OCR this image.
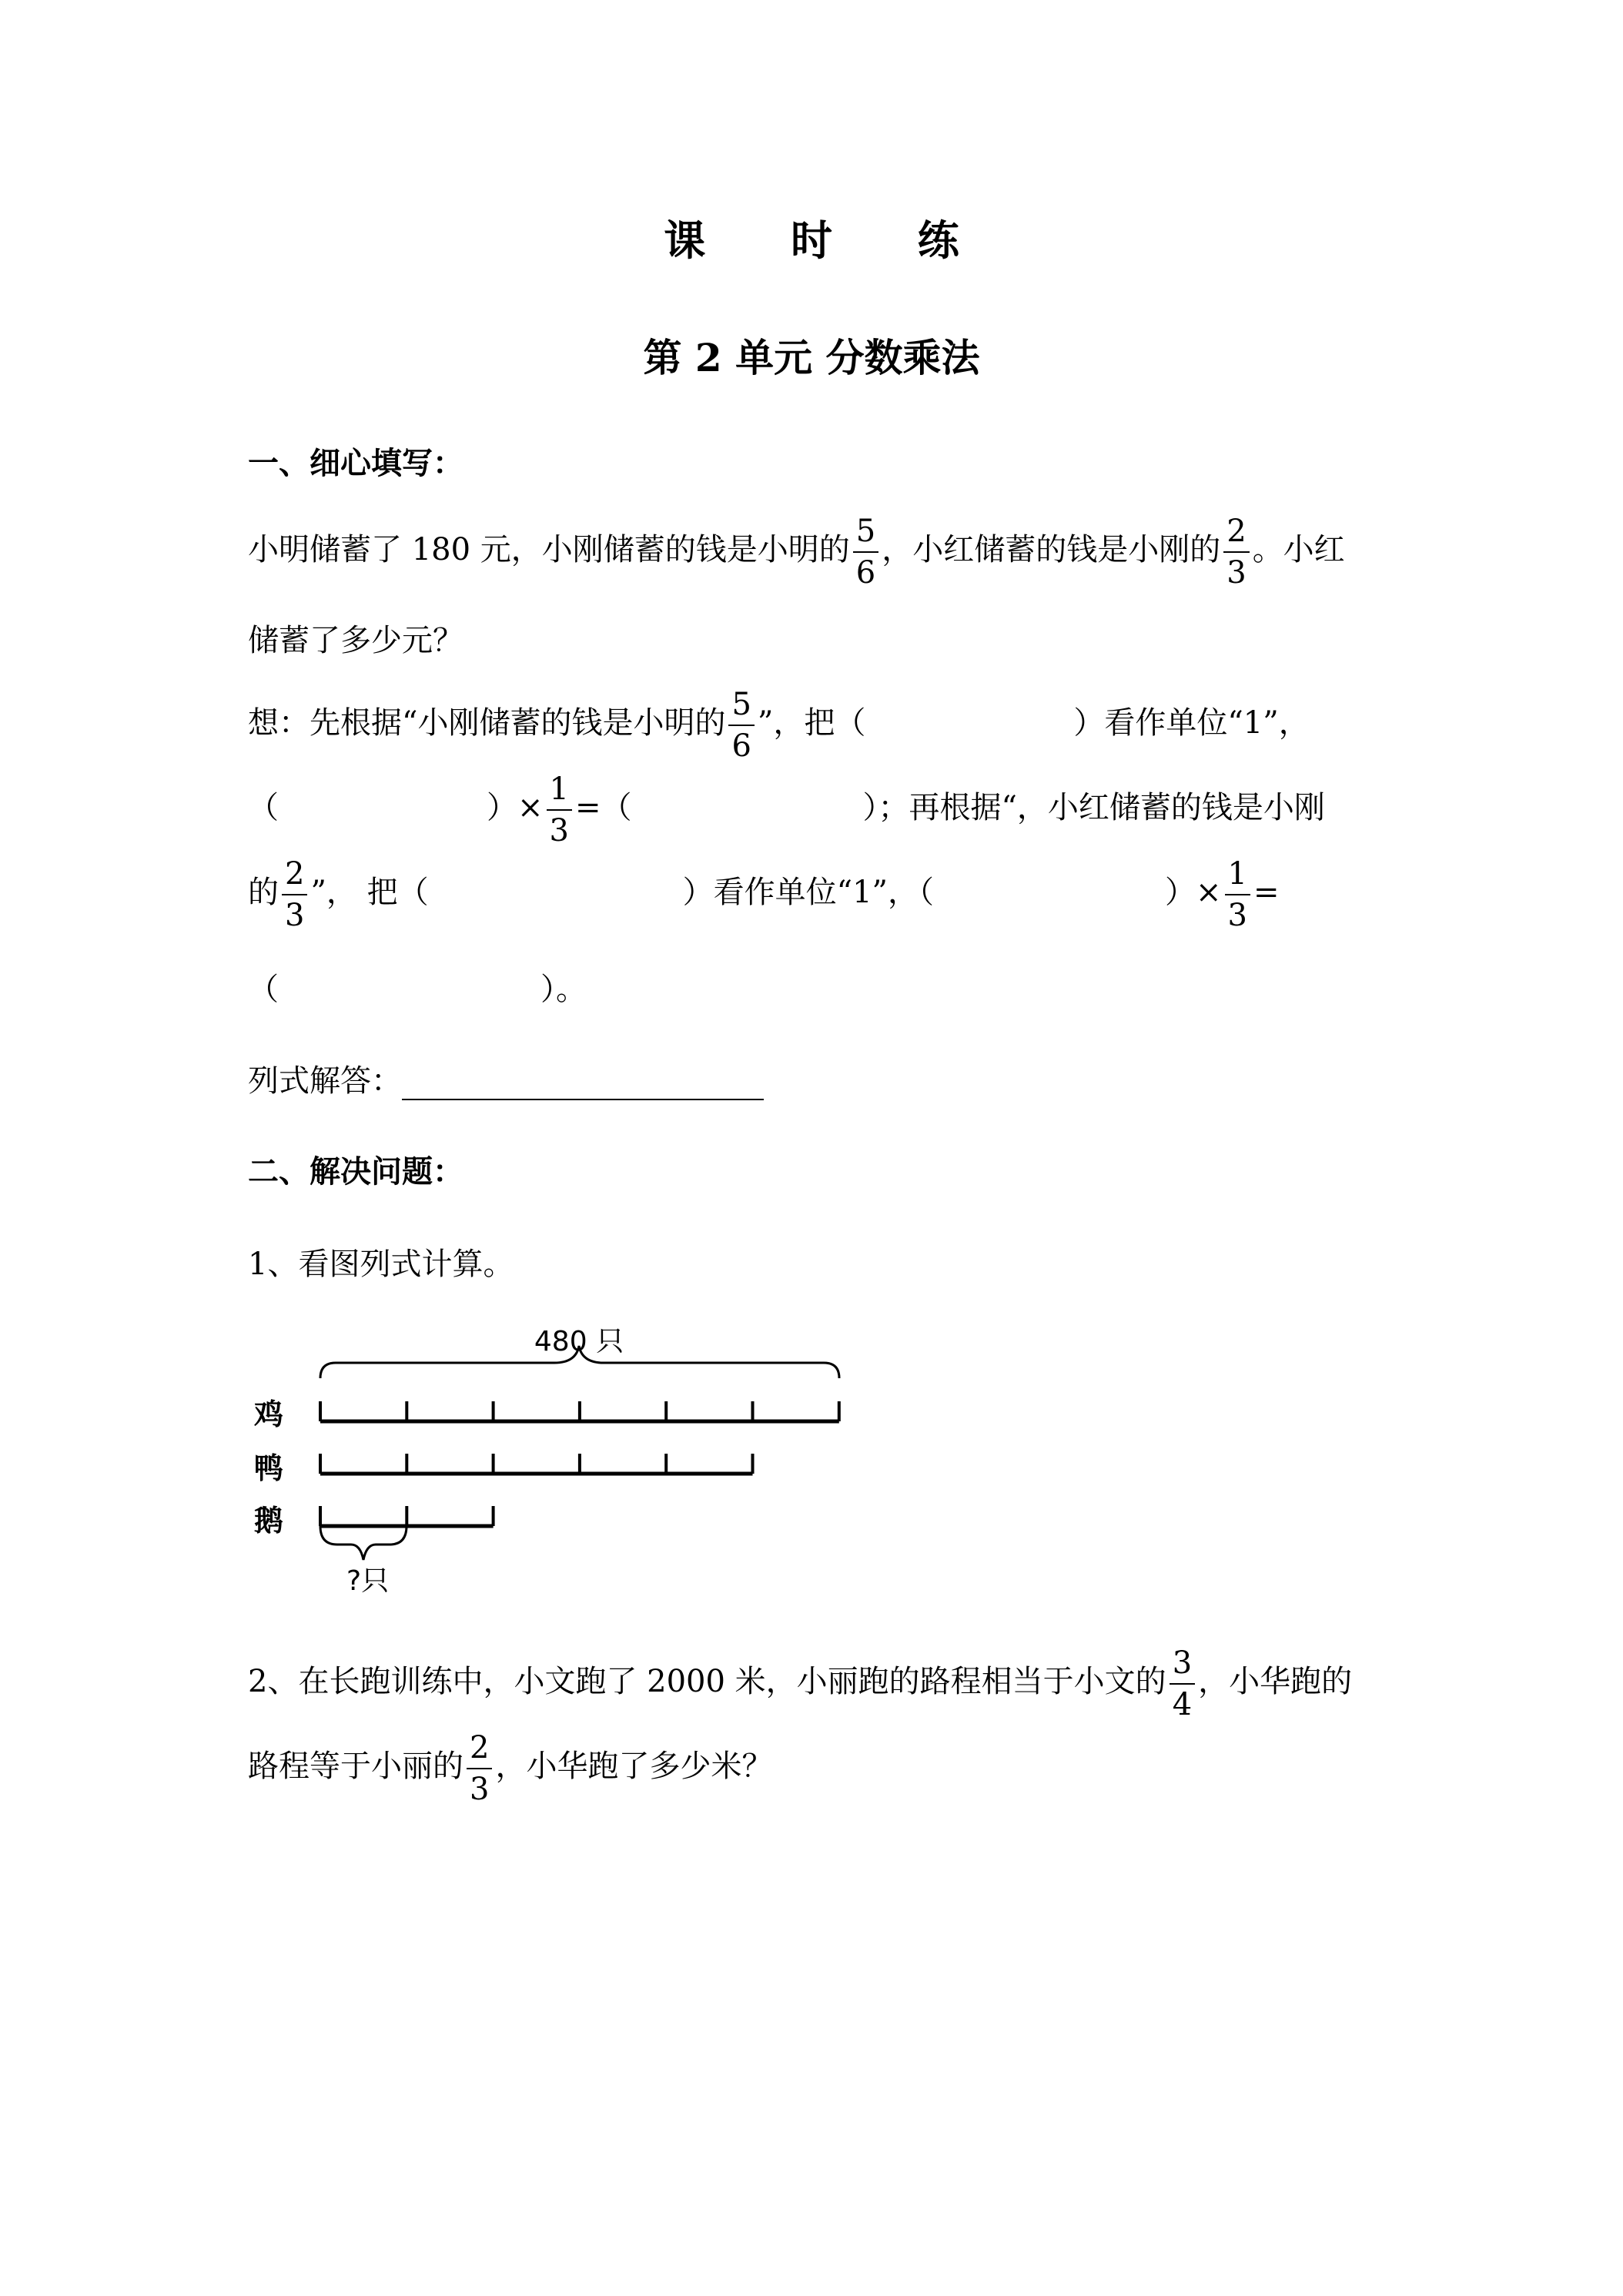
课 时 练
第 2 单元 分数乘法
一、细心填写：
小明储蓄了 180 元，小刚储蓄的钱是小明的 $\frac{5}{6}$ ，小红储蓄的钱是小刚的 $\frac{2}{3}$ 。小红
储蓄了多少元？
想：先根据“小刚储蓄的钱是小明的 $\frac{5}{6}$ ”，把（	）看作单位“1”，
（	）× $\frac{1}{3}$ =（	）；再根据“，小红储蓄的钱是小刚
的 $\frac{2}{3}$ ”， 把（	）看作单位“1”，（	）× $\frac{1}{3}$ =
（	）。
列式解答：
二、解决问题：
1、看图列式计算。
480 只
鸡
鸭
鹅
?只
2、在长跑训练中，小文跑了 2000 米，小丽跑的路程相当于小文的 $\frac{3}{4}$ ，小华跑的
路程等于小丽的 $\frac{2}{3}$ ，小华跑了多少米？
